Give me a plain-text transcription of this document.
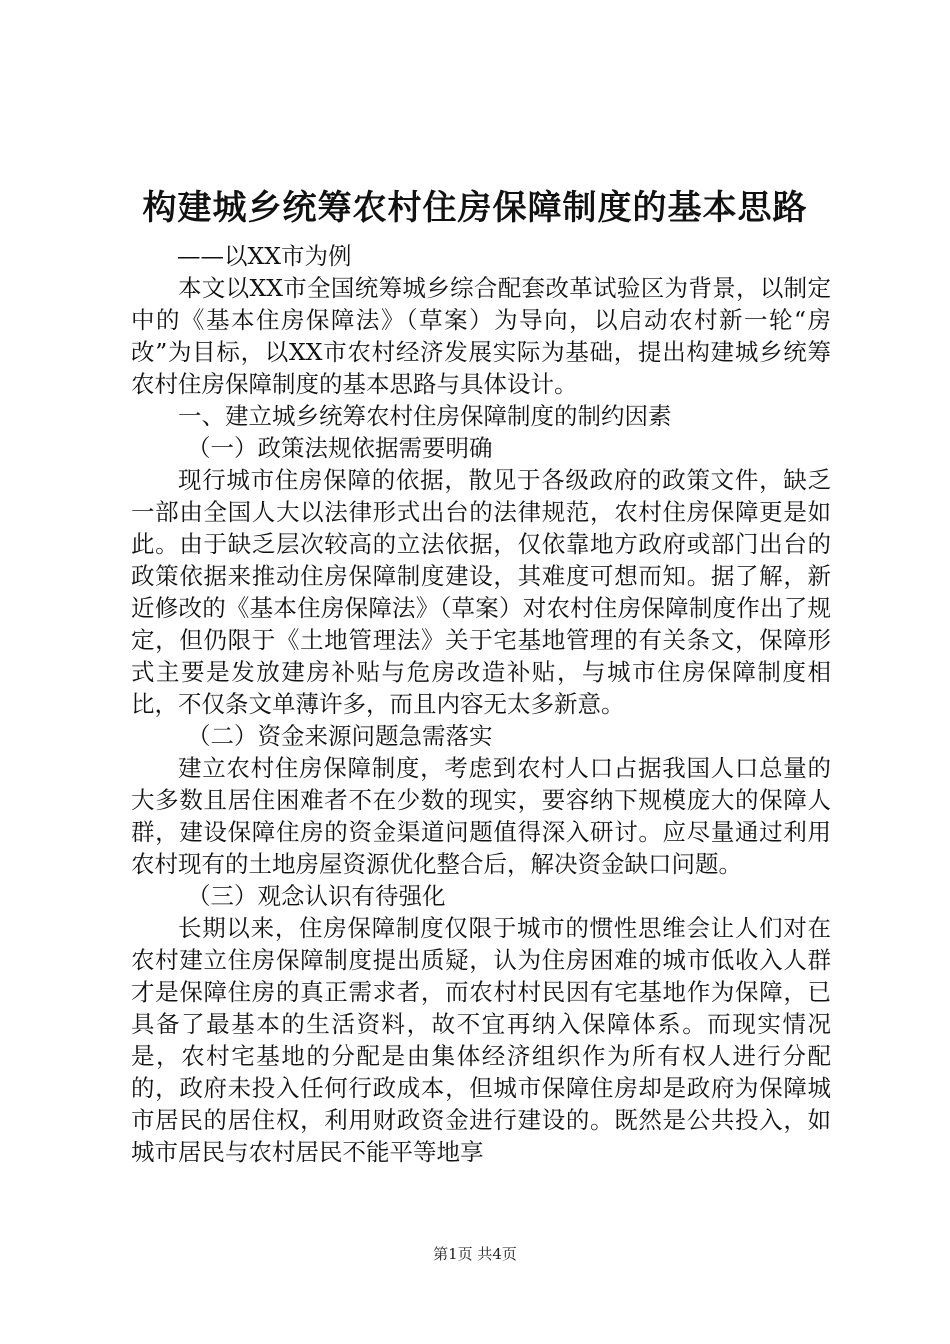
构建城乡统筹农村住房保障制度的基本思路

——以XX市为例

本文以XX市全国统筹城乡综合配套改革试验区为背景，以制定中的《基本住房保障法》（草案）为导向，以启动农村新一轮“房改”为目标，以XX市农村经济发展实际为基础，提出构建城乡统筹农村住房保障制度的基本思路与具体设计。

一、建立城乡统筹农村住房保障制度的制约因素

（一）政策法规依据需要明确

现行城市住房保障的依据，散见于各级政府的政策文件，缺乏一部由全国人大以法律形式出台的法律规范，农村住房保障更是如此。由于缺乏层次较高的立法依据，仅依靠地方政府或部门出台的政策依据来推动住房保障制度建设，其难度可想而知。据了解，新近修改的《基本住房保障法》（草案）对农村住房保障制度作出了规定，但仍限于《土地管理法》关于宅基地管理的有关条文，保障形式主要是发放建房补贴与危房改造补贴，与城市住房保障制度相比，不仅条文单薄许多，而且内容无太多新意。

（二）资金来源问题急需落实

建立农村住房保障制度，考虑到农村人口占据我国人口总量的大多数且居住困难者不在少数的现实，要容纳下规模庞大的保障人群，建设保障住房的资金渠道问题值得深入研讨。应尽量通过利用农村现有的土地房屋资源优化整合后，解决资金缺口问题。

（三）观念认识有待强化

长期以来，住房保障制度仅限于城市的惯性思维会让人们对在农村建立住房保障制度提出质疑，认为住房困难的城市低收入人群才是保障住房的真正需求者，而农村村民因有宅基地作为保障，已具备了最基本的生活资料，故不宜再纳入保障体系。而现实情况是，农村宅基地的分配是由集体经济组织作为所有权人进行分配的，政府未投入任何行政成本，但城市保障住房却是政府为保障城市居民的居住权，利用财政资金进行建设的。既然是公共投入，如城市居民与农村居民不能平等地享

第1页 共4页
